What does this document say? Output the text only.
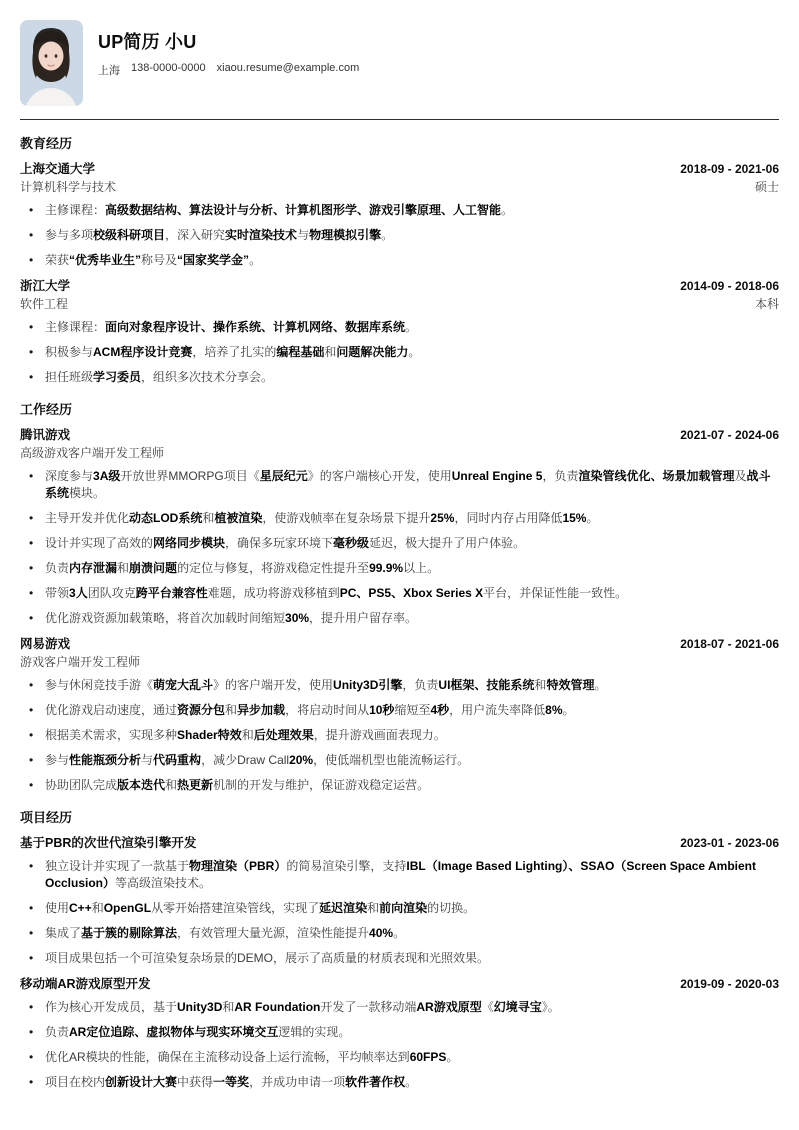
UP简历 小U
上海 138-0000-0000 xiaou.resume@example.com
教育经历
上海交通大学	2018-09 - 2021-06
计算机科学与技术	硕士
• 主修课程：高级数据结构、算法设计与分析、计算机图形学、游戏引擎原理、人工智能。
• 参与多项校级科研项目，深入研究实时渲染技术与物理模拟引擎。
• 荣获“优秀毕业生”称号及“国家奖学金”。
浙江大学	2014-09 - 2018-06
软件工程	本科
• 主修课程：面向对象程序设计、操作系统、计算机网络、数据库系统。
• 积极参与ACM程序设计竞赛，培养了扎实的编程基础和问题解决能力。
• 担任班级学习委员，组织多次技术分享会。
工作经历
腾讯游戏	2021-07 - 2024-06
高级游戏客户端开发工程师
• 深度参与3A级开放世界MMORPG项目《星辰纪元》的客户端核心开发，使用Unreal Engine 5，负责渲染管线优化、场景加载管理及战斗系统模块。
• 主导开发并优化动态LOD系统和植被渲染，使游戏帧率在复杂场景下提升25%，同时内存占用降低15%。
• 设计并实现了高效的网络同步模块，确保多玩家环境下毫秒级延迟，极大提升了用户体验。
• 负责内存泄漏和崩溃问题的定位与修复，将游戏稳定性提升至99.9%以上。
• 带领3人团队攻克跨平台兼容性难题，成功将游戏移植到PC、PS5、Xbox Series X平台，并保证性能一致性。
• 优化游戏资源加载策略，将首次加载时间缩短30%，提升用户留存率。
网易游戏	2018-07 - 2021-06
游戏客户端开发工程师
• 参与休闲竞技手游《萌宠大乱斗》的客户端开发，使用Unity3D引擎，负责UI框架、技能系统和特效管理。
• 优化游戏启动速度，通过资源分包和异步加载，将启动时间从10秒缩短至4秒，用户流失率降低8%。
• 根据美术需求，实现多种Shader特效和后处理效果，提升游戏画面表现力。
• 参与性能瓶颈分析与代码重构，减少Draw Call20%，使低端机型也能流畅运行。
• 协助团队完成版本迭代和热更新机制的开发与维护，保证游戏稳定运营。
项目经历
基于PBR的次世代渲染引擎开发	2023-01 - 2023-06
• 独立设计并实现了一款基于物理渲染（PBR）的简易渲染引擎，支持IBL（Image Based Lighting）、SSAO（Screen Space Ambient Occlusion）等高级渲染技术。
• 使用C++和OpenGL从零开始搭建渲染管线，实现了延迟渲染和前向渲染的切换。
• 集成了基于簇的剔除算法，有效管理大量光源，渲染性能提升40%。
• 项目成果包括一个可渲染复杂场景的DEMO，展示了高质量的材质表现和光照效果。
移动端AR游戏原型开发	2019-09 - 2020-03
• 作为核心开发成员，基于Unity3D和AR Foundation开发了一款移动端AR游戏原型《幻境寻宝》。
• 负责AR定位追踪、虚拟物体与现实环境交互逻辑的实现。
• 优化AR模块的性能，确保在主流移动设备上运行流畅，平均帧率达到60FPS。
• 项目在校内创新设计大赛中获得一等奖，并成功申请一项软件著作权。
